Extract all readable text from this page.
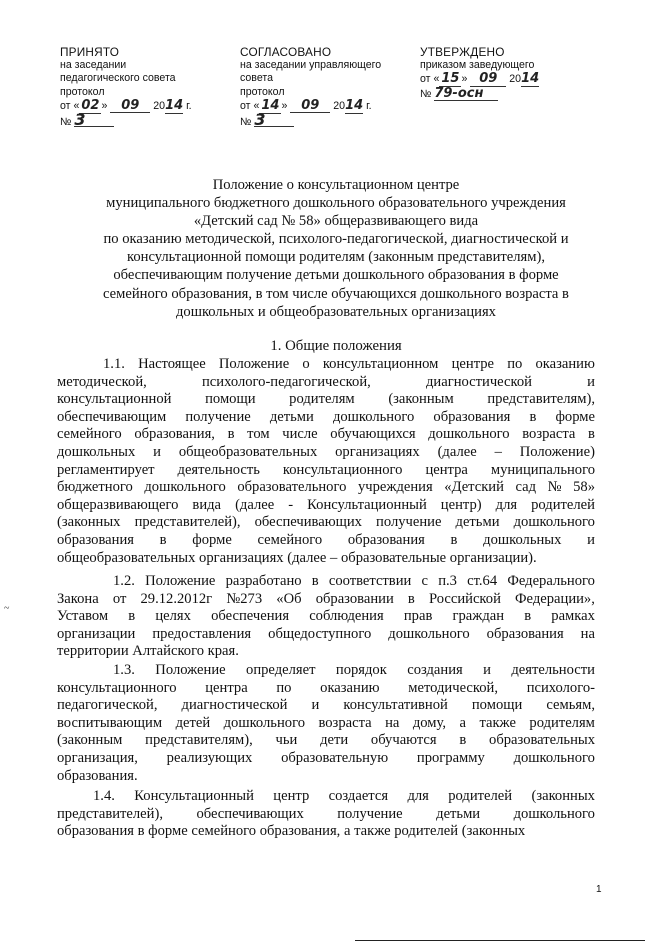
ПРИНЯТО
на заседании
педагогического совета
протокол
от « 02 » 09 2014 г.
№ 3
СОГЛАСОВАНО
на заседании управляющего
совета
протокол
от « 14 » 09 2014 г.
№ 3
УТВЕРЖДЕНО
приказом заведующего
от « 15 » 09 2014
№ 79-осн
Положение о консультационном центре
муниципального бюджетного дошкольного образовательного учреждения
«Детский сад № 58» общеразвивающего вида
по оказанию методической, психолого-педагогической, диагностической и
консультационной помощи родителям (законным представителям),
обеспечивающим получение детьми дошкольного образования в форме
семейного образования, в том числе обучающихся дошкольного возраста в
дошкольных и общеобразовательных организациях
1. Общие положения
1.1. Настоящее Положение о консультационном центре по оказанию
методической,	психолого-педагогической,	диагностической	и
консультационной помощи родителям (законным представителям),
обеспечивающим получение детьми дошкольного образования в форме
семейного образования, в том числе обучающихся дошкольного возраста в
дошкольных и общеобразовательных организациях (далее – Положение)
регламентирует деятельность консультационного центра муниципального
бюджетного дошкольного образовательного учреждения «Детский сад № 58»
общеразвивающего вида (далее - Консультационный центр) для родителей
(законных представителей), обеспечивающих получение детьми дошкольного
образования в форме семейного образования в дошкольных и
общеобразовательных организациях (далее – образовательные организации).
1.2. Положение разработано в соответствии с п.3 ст.64 Федерального
Закона от 29.12.2012г №273 «Об образовании в Российской Федерации»,
Уставом в целях обеспечения соблюдения прав граждан в рамках
организации предоставления общедоступного дошкольного образования на
территории Алтайского края.
1.3. Положение определяет порядок создания и деятельности
консультационного центра по оказанию методической, психолого-
педагогической, диагностической и консультативной помощи семьям,
воспитывающим детей дошкольного возраста на дому, а также родителям
(законным представителям), чьи дети обучаются в образовательных
организация, реализующих образовательную программу дошкольного
образования.
1.4. Консультационный центр создается для родителей (законных
представителей), обеспечивающих получение детьми дошкольного
образования в форме семейного образования, а также родителей (законных
~
1
